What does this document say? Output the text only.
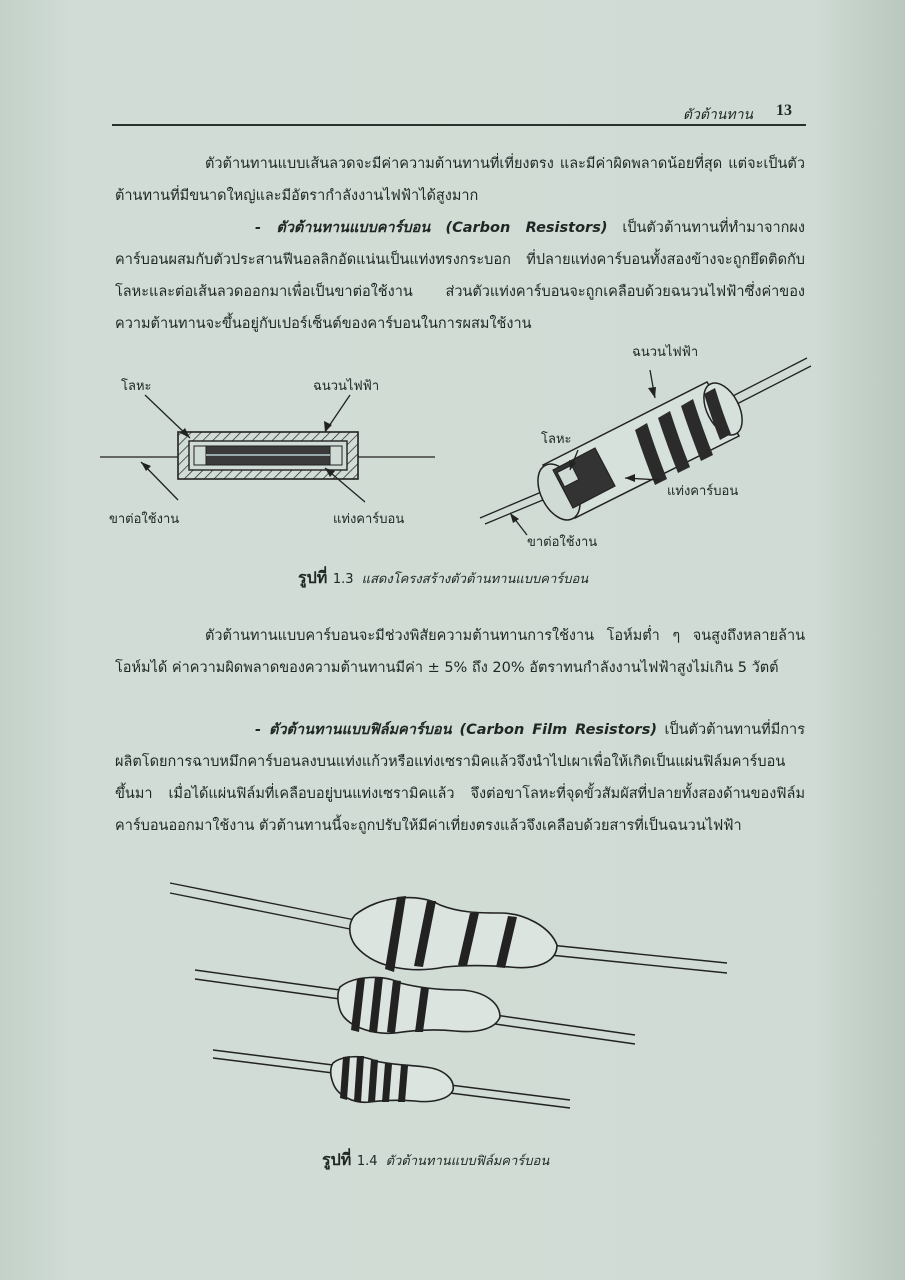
ตัวต้านทาน 13

ตัวต้านทานแบบเส้นลวดจะมีค่าความต้านทานที่เที่ยงตรง และมีค่าผิดพลาดน้อยที่สุด แต่จะเป็นตัวต้านทานที่มีขนาดใหญ่และมีอัตรากำลังงานไฟฟ้าได้สูงมาก

- ตัวต้านทานแบบคาร์บอน (Carbon Resistors) เป็นตัวต้านทานที่ทำมาจากผงคาร์บอนผสมกับตัวประสานฟีนอลลิกอัดแน่นเป็นแท่งทรงกระบอก ที่ปลายแท่งคาร์บอนทั้งสองข้างจะถูกยึดติดกับโลหะและต่อเส้นลวดออกมาเพื่อเป็นขาต่อใช้งาน ส่วนตัวแท่งคาร์บอนจะถูกเคลือบด้วยฉนวนไฟฟ้าซึ่งค่าของความต้านทานจะขึ้นอยู่กับเปอร์เซ็นต์ของคาร์บอนในการผสมใช้งาน

โลหะ	ฉนวนไฟฟ้า
ขาต่อใช้งาน	แท่งคาร์บอน
ฉนวนไฟฟ้า
โลหะ
แท่งคาร์บอน
ขาต่อใช้งาน
รูปที่ 1.3 แสดงโครงสร้างตัวต้านทานแบบคาร์บอน

ตัวต้านทานแบบคาร์บอนจะมีช่วงพิสัยความต้านทานการใช้งาน โอห์มต่ำ ๆ จนสูงถึงหลายล้านโอห์มได้ ค่าความผิดพลาดของความต้านทานมีค่า ± 5% ถึง 20% อัตราทนกำลังงานไฟฟ้าสูงไม่เกิน 5 วัตต์

- ตัวต้านทานแบบฟิล์มคาร์บอน (Carbon Film Resistors) เป็นตัวต้านทานที่มีการผลิตโดยการฉาบหมึกคาร์บอนลงบนแท่งแก้วหรือแท่งเซรามิคแล้วจึงนำไปเผาเพื่อให้เกิดเป็นแผ่นฟิล์มคาร์บอนขึ้นมา เมื่อได้แผ่นฟิล์มที่เคลือบอยู่บนแท่งเซรามิคแล้ว จึงต่อขาโลหะที่จุดขั้วสัมผัสที่ปลายทั้งสองด้านของฟิล์มคาร์บอนออกมาใช้งาน ตัวต้านทานนี้จะถูกปรับให้มีค่าเที่ยงตรงแล้วจึงเคลือบด้วยสารที่เป็นฉนวนไฟฟ้า

รูปที่ 1.4 ตัวต้านทานแบบฟิล์มคาร์บอน
